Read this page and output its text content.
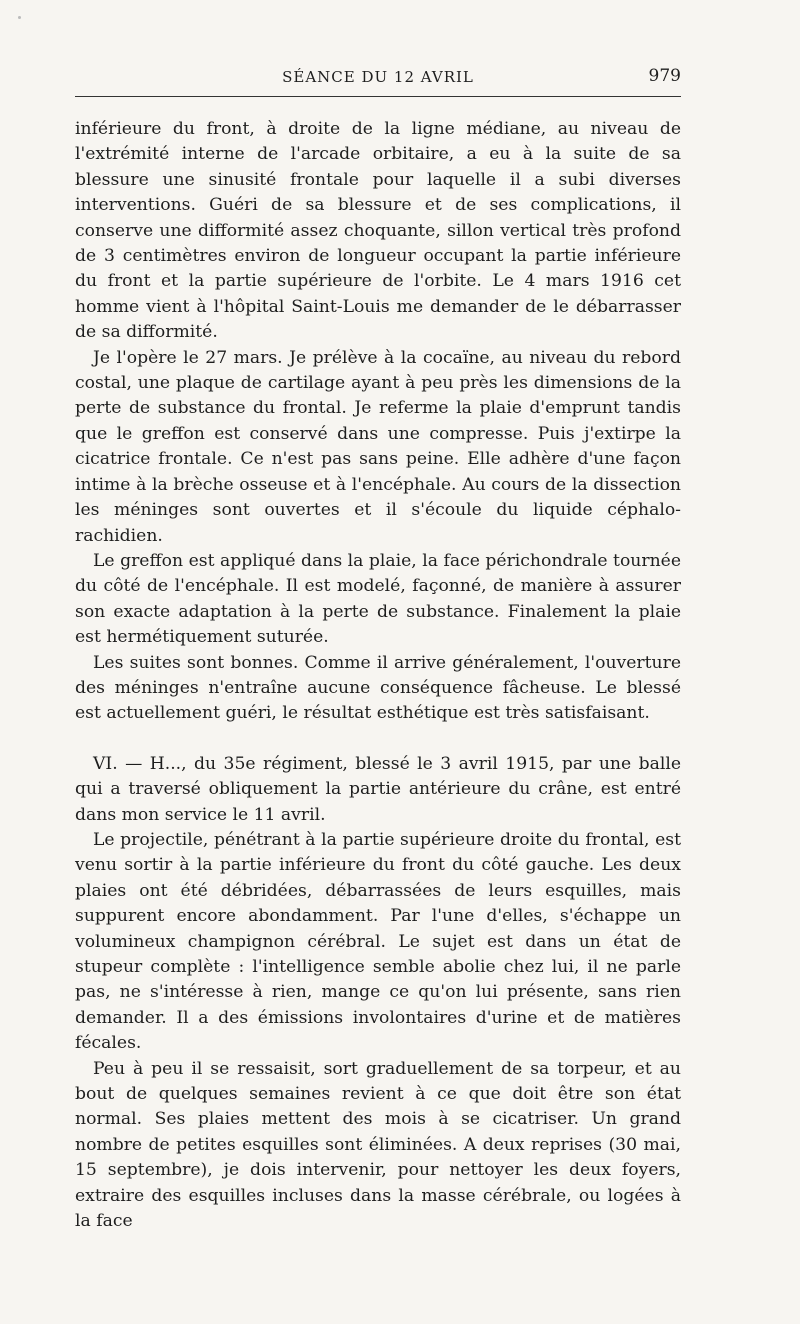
SÉANCE DU 12 AVRIL	979

inférieure du front, à droite de la ligne médiane, au niveau de l'extrémité interne de l'arcade orbitaire, a eu à la suite de sa blessure une sinusité frontale pour laquelle il a subi diverses interventions. Guéri de sa blessure et de ses complications, il conserve une difformité assez choquante, sillon vertical très profond de 3 centimètres environ de longueur occupant la partie inférieure du front et la partie supérieure de l'orbite. Le 4 mars 1916 cet homme vient à l'hôpital Saint-Louis me demander de le débarrasser de sa difformité.

Je l'opère le 27 mars. Je prélève à la cocaïne, au niveau du rebord costal, une plaque de cartilage ayant à peu près les dimensions de la perte de substance du frontal. Je referme la plaie d'emprunt tandis que le greffon est conservé dans une compresse. Puis j'extirpe la cicatrice frontale. Ce n'est pas sans peine. Elle adhère d'une façon intime à la brèche osseuse et à l'encéphale. Au cours de la dissection les méninges sont ouvertes et il s'écoule du liquide céphalo-rachidien.

Le greffon est appliqué dans la plaie, la face périchondrale tournée du côté de l'encéphale. Il est modelé, façonné, de manière à assurer son exacte adaptation à la perte de substance. Finalement la plaie est hermétiquement suturée.

Les suites sont bonnes. Comme il arrive généralement, l'ouverture des méninges n'entraîne aucune conséquence fâcheuse. Le blessé est actuellement guéri, le résultat esthétique est très satisfaisant.

VI. — H..., du 35e régiment, blessé le 3 avril 1915, par une balle qui a traversé obliquement la partie antérieure du crâne, est entré dans mon service le 11 avril.

Le projectile, pénétrant à la partie supérieure droite du frontal, est venu sortir à la partie inférieure du front du côté gauche. Les deux plaies ont été débridées, débarrassées de leurs esquilles, mais suppurent encore abondamment. Par l'une d'elles, s'échappe un volumineux champignon cérébral. Le sujet est dans un état de stupeur complète : l'intelligence semble abolie chez lui, il ne parle pas, ne s'intéresse à rien, mange ce qu'on lui présente, sans rien demander. Il a des émissions involontaires d'urine et de matières fécales.

Peu à peu il se ressaisit, sort graduellement de sa torpeur, et au bout de quelques semaines revient à ce que doit être son état normal. Ses plaies mettent des mois à se cicatriser. Un grand nombre de petites esquilles sont éliminées. A deux reprises (30 mai, 15 septembre), je dois intervenir, pour nettoyer les deux foyers, extraire des esquilles incluses dans la masse cérébrale, ou logées à la face
